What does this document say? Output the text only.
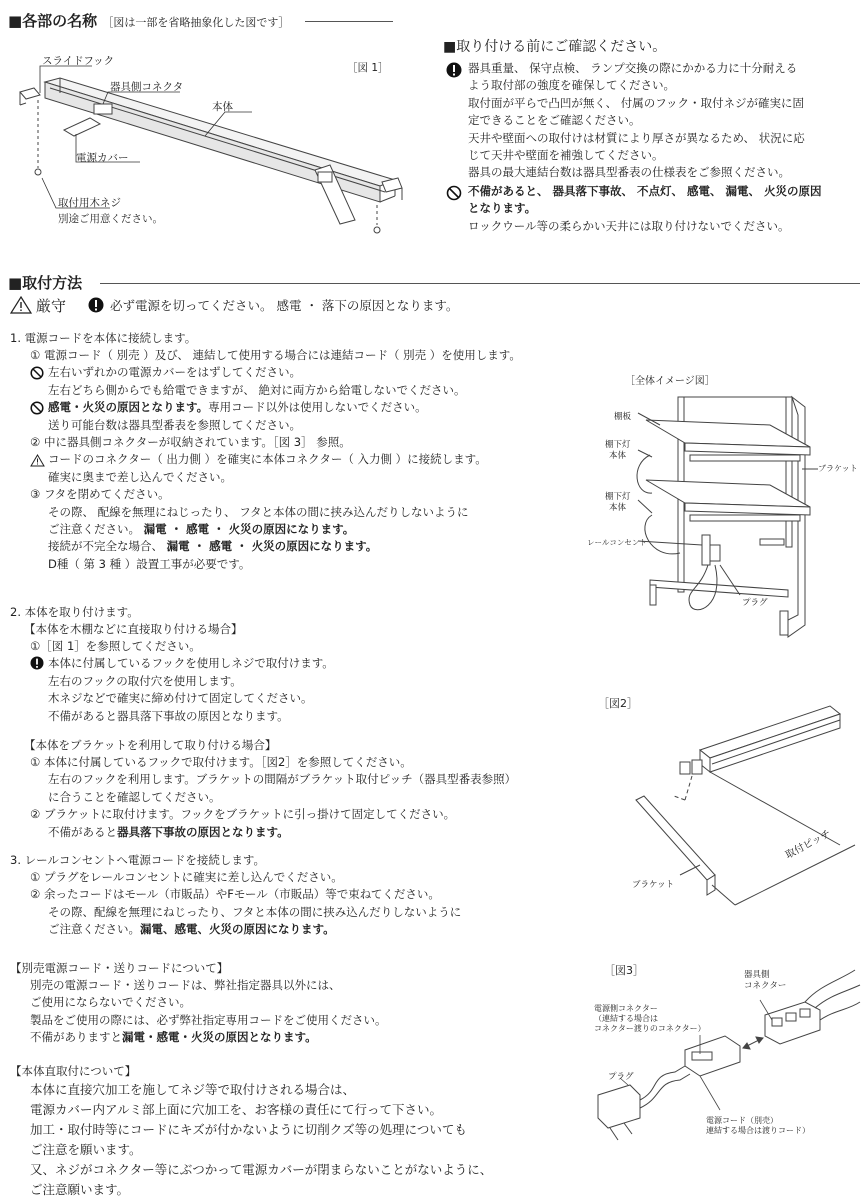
■各部の名称 ［図は一部を省略抽象化した図です］
［図 1］
スライドフック
器具側コネクタ
本体
電源カバー
取付用木ネジ
別途ご用意ください。
■取り付ける前にご確認ください。
器具重量、 保守点検、 ランプ交換の際にかかる力に十分耐える
よう取付部の強度を確保してください。
取付面が平らで凸凹が無く、 付属のフック・取付ネジが確実に固
定できることをご確認ください。
天井や壁面への取付けは材質により厚さが異なるため、 状況に応
じて天井や壁面を補強してください。
器具の最大連結台数は器具型番表の仕様表をご参照ください。
不備があると、 器具落下事故、 不点灯、 感電、 漏電、 火災の原因
となります。
ロックウール等の柔らかい天井には取り付けないでください。
■取付方法
厳守	必ず電源を切ってください。 感電 ・ 落下の原因となります。
1. 電源コードを本体に接続します。
① 電源コード（ 別売 ）及び、 連結して使用する場合には連結コード（ 別売 ）を使用します。
左右いずれかの電源カバーをはずしてください。
左右どちら側からでも給電できますが、 絶対に両方から給電しないでください。
感電・火災の原因となります。専用コード以外は使用しないでください。
送り可能台数は器具型番表を参照してください。
② 中に器具側コネクターが収納されています。［図 3］ 参照。
コードのコネクター（ 出力側 ）を確実に本体コネクター（ 入力側 ）に接続します。
確実に奥まで差し込んでください。
③ フタを閉めてください。
その際、 配線を無理にねじったり、 フタと本体の間に挟み込んだりしないように
ご注意ください。 漏電 ・ 感電 ・ 火災の原因になります。
接続が不完全な場合、 漏電 ・ 感電 ・ 火災の原因になります。
D種（ 第 3 種 ）設置工事が必要です。
2. 本体を取り付けます。
【本体を木棚などに直接取り付ける場合】
①［図 1］を参照してください。
本体に付属しているフックを使用しネジで取付けます。
左右のフックの取付穴を使用します。
木ネジなどで確実に締め付けて固定してください。
不備があると器具落下事故の原因となります。
【本体をブラケットを利用して取り付ける場合】
① 本体に付属しているフックで取付けます。［図2］を参照してください。
左右のフックを利用します。ブラケットの間隔がブラケット取付ピッチ（器具型番表参照）
に合うことを確認してください。
② ブラケットに取付けます。フックをブラケットに引っ掛けて固定してください。
不備があると器具落下事故の原因となります。
3. レールコンセントへ電源コードを接続します。
① プラグをレールコンセントに確実に差し込んでください。
② 余ったコードはモール（市販品）やFモール（市販品）等で束ねてください。
その際、配線を無理にねじったり、フタと本体の間に挟み込んだりしないように
ご注意ください。漏電、感電、火災の原因になります。
【別売電源コード・送りコードについて】
別売の電源コード・送りコードは、弊社指定器具以外には、
ご使用にならないでください。
製品をご使用の際には、必ず弊社指定専用コードをご使用ください。
不備がありますと漏電・感電・火災の原因となります。
【本体直取付について】
本体に直接穴加工を施してネジ等で取付けされる場合は、
電源カバー内アルミ部上面に穴加工を、お客様の責任にて行って下さい。
加工・取付時等にコードにキズが付かないように切削クズ等の処理についても
ご注意を願います。
又、ネジがコネクター等にぶつかって電源カバーが閉まらないことがないように、
ご注意願います。
［全体イメージ図］
棚板
棚下灯
本体
棚下灯
本体
レールコンセント
ブラケット
プラグ
［図2］
ブラケット
取付ピッチ
［図3］	器具側
コネクター
電源側コネクター
（連結する場合は
コネクター渡りのコネクター）
プラグ
電源コード（別売）
連結する場合は渡りコード）
